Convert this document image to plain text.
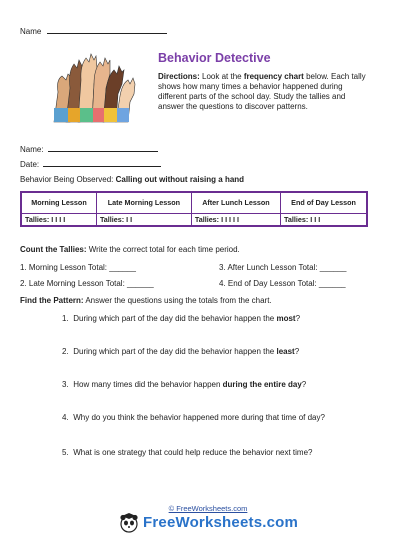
Name
Behavior Detective
Directions: Look at the frequency chart below. Each tally shows how many times a behavior happened during different parts of the school day. Study the tallies and answer the questions to discover patterns.
Name:
Date:
Behavior Being Observed: Calling out without raising a hand
Morning Lesson	Late Morning Lesson	After Lunch Lesson	End of Day Lesson
Tallies: I I I I	Tallies: I I	Tallies: I I I I I	Tallies: I I I
Count the Tallies: Write the correct total for each time period.
1. Morning Lesson Total: ______	3. After Lunch Lesson Total: ______
2. Late Morning Lesson Total: ______	4. End of Day Lesson Total: ______
Find the Pattern: Answer the questions using the totals from the chart.
1. During which part of the day did the behavior happen the most?
2. During which part of the day did the behavior happen the least?
3. How many times did the behavior happen during the entire day?
4. Why do you think the behavior happened more during that time of day?
5. What is one strategy that could help reduce the behavior next time?
© FreeWorksheets.com
FreeWorksheets.com
